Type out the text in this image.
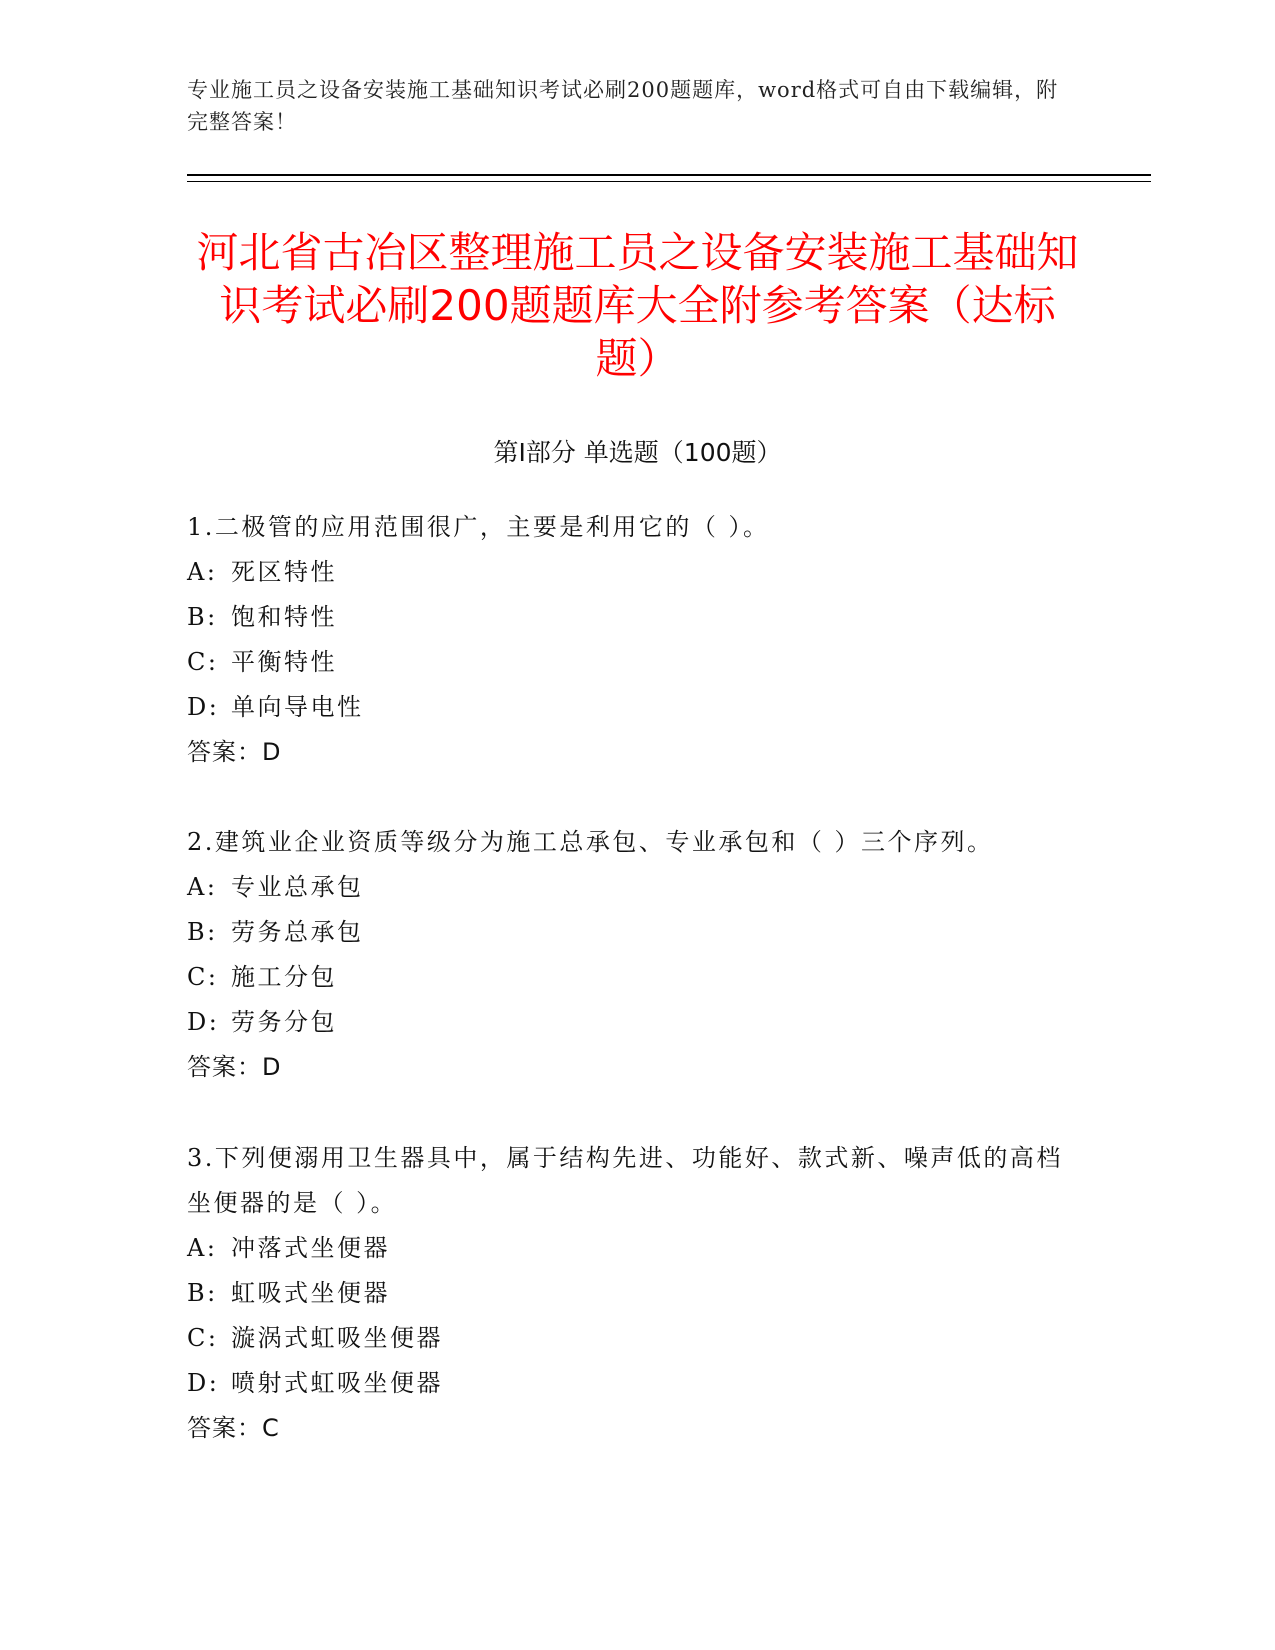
专业施工员之设备安装施工基础知识考试必刷200题题库，word格式可自由下载编辑，附完整答案！
河北省古冶区整理施工员之设备安装施工基础知识考试必刷200题题库大全附参考答案（达标题）
第I部分 单选题（100题）
1.二极管的应用范围很广，主要是利用它的（ ）。
A: 死区特性
B: 饱和特性
C: 平衡特性
D: 单向导电性
答案：D
2.建筑业企业资质等级分为施工总承包、专业承包和（ ）三个序列。
A: 专业总承包
B: 劳务总承包
C: 施工分包
D: 劳务分包
答案：D
3.下列便溺用卫生器具中，属于结构先进、功能好、款式新、噪声低的高档坐便器的是（ ）。
A: 冲落式坐便器
B: 虹吸式坐便器
C: 漩涡式虹吸坐便器
D: 喷射式虹吸坐便器
答案：C
